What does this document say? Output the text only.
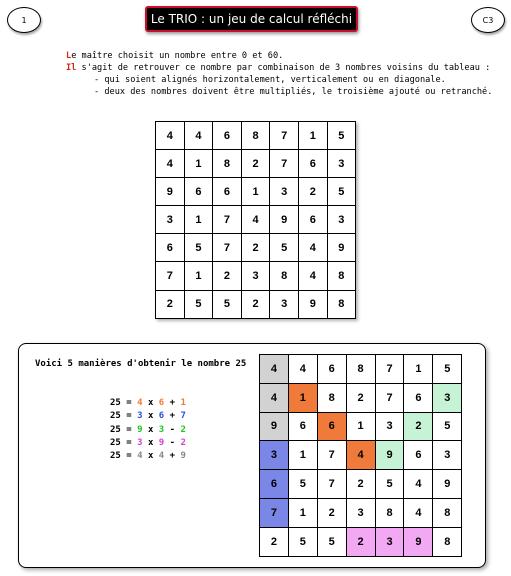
1	Le TRIO : un jeu de calcul réfléchi	C3

Le maître choisit un nombre entre 0 et 60.

Il s'agit de retrouver ce nombre par combinaison de 3 nombres voisins du tableau :

- qui soient alignés horizontalement, verticalement ou en diagonale.

- deux des nombres doivent être multipliés, le troisième ajouté ou retranché.

4	4	6	8	7	1	5
4	1	8	2	7	6	3
9	6	6	1	3	2	5
3	1	7	4	9	6	3
6	5	7	2	5	4	9
7	1	2	3	8	4	8
2	5	5	2	3	9	8
Voici 5 manières d'obtenir le nombre 25
25 = 4 x 6 + 1
25 = 3 x 6 + 7
25 = 9 x 3 - 2
25 = 3 x 9 - 2
25 = 4 x 4 + 9
4	4	6	8	7	1	5
4	1	8	2	7	6	3
9	6	6	1	3	2	5
3	1	7	4	9	6	3
6	5	7	2	5	4	9
7	1	2	3	8	4	8
2	5	5	2	3	9	8
